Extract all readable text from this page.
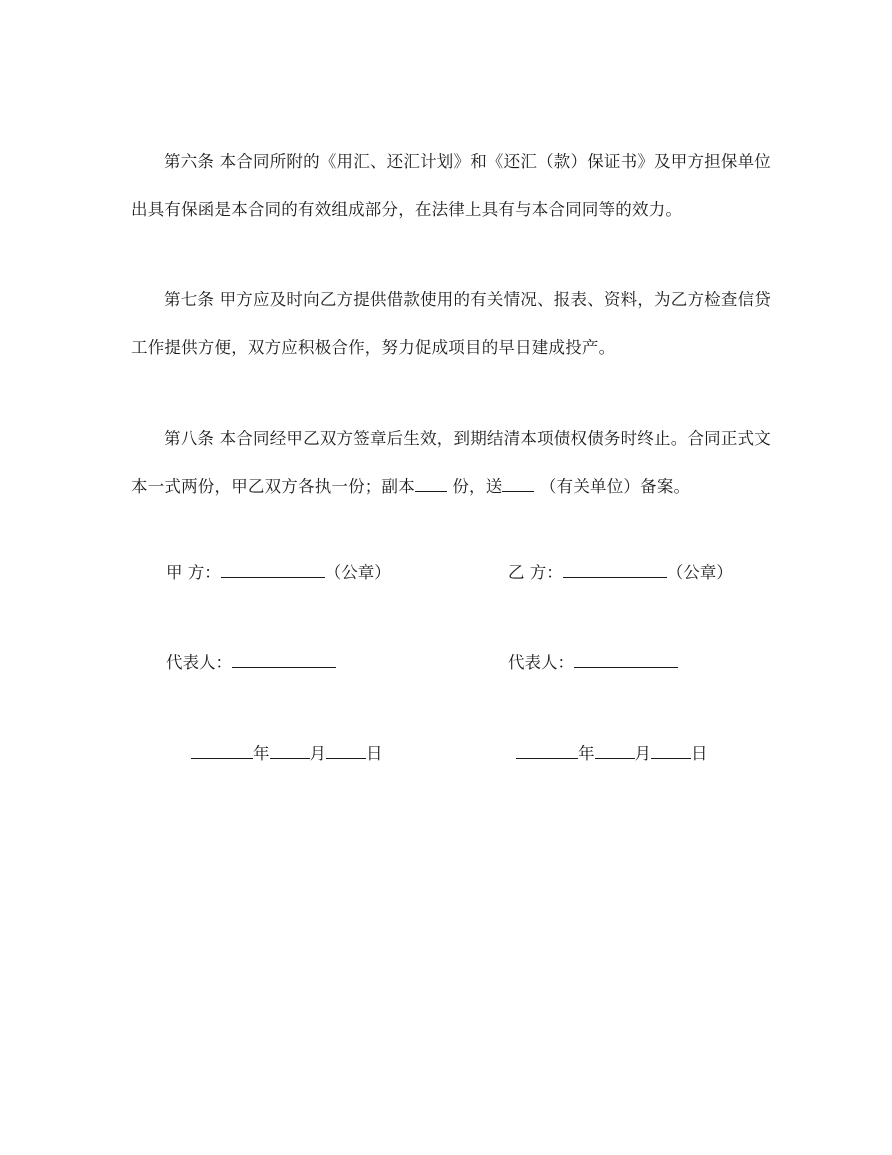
第六条 本合同所附的《用汇、还汇计划》和《还汇（款）保证书》及甲方担保单位出具有保函是本合同的有效组成部分，在法律上具有与本合同同等的效力。

第七条 甲方应及时向乙方提供借款使用的有关情况、报表、资料，为乙方检查信贷工作提供方便，双方应积极合作，努力促成项目的早日建成投产。

第八条 本合同经甲乙双方签章后生效，到期结清本项债权债务时终止。合同正式文本一式两份，甲乙双方各执一份；副本 份，送 （有关单位）备案。

甲 方：	（公章）	乙 方：	（公章）
代表人：	代表人：
年 月 日	年 月 日
